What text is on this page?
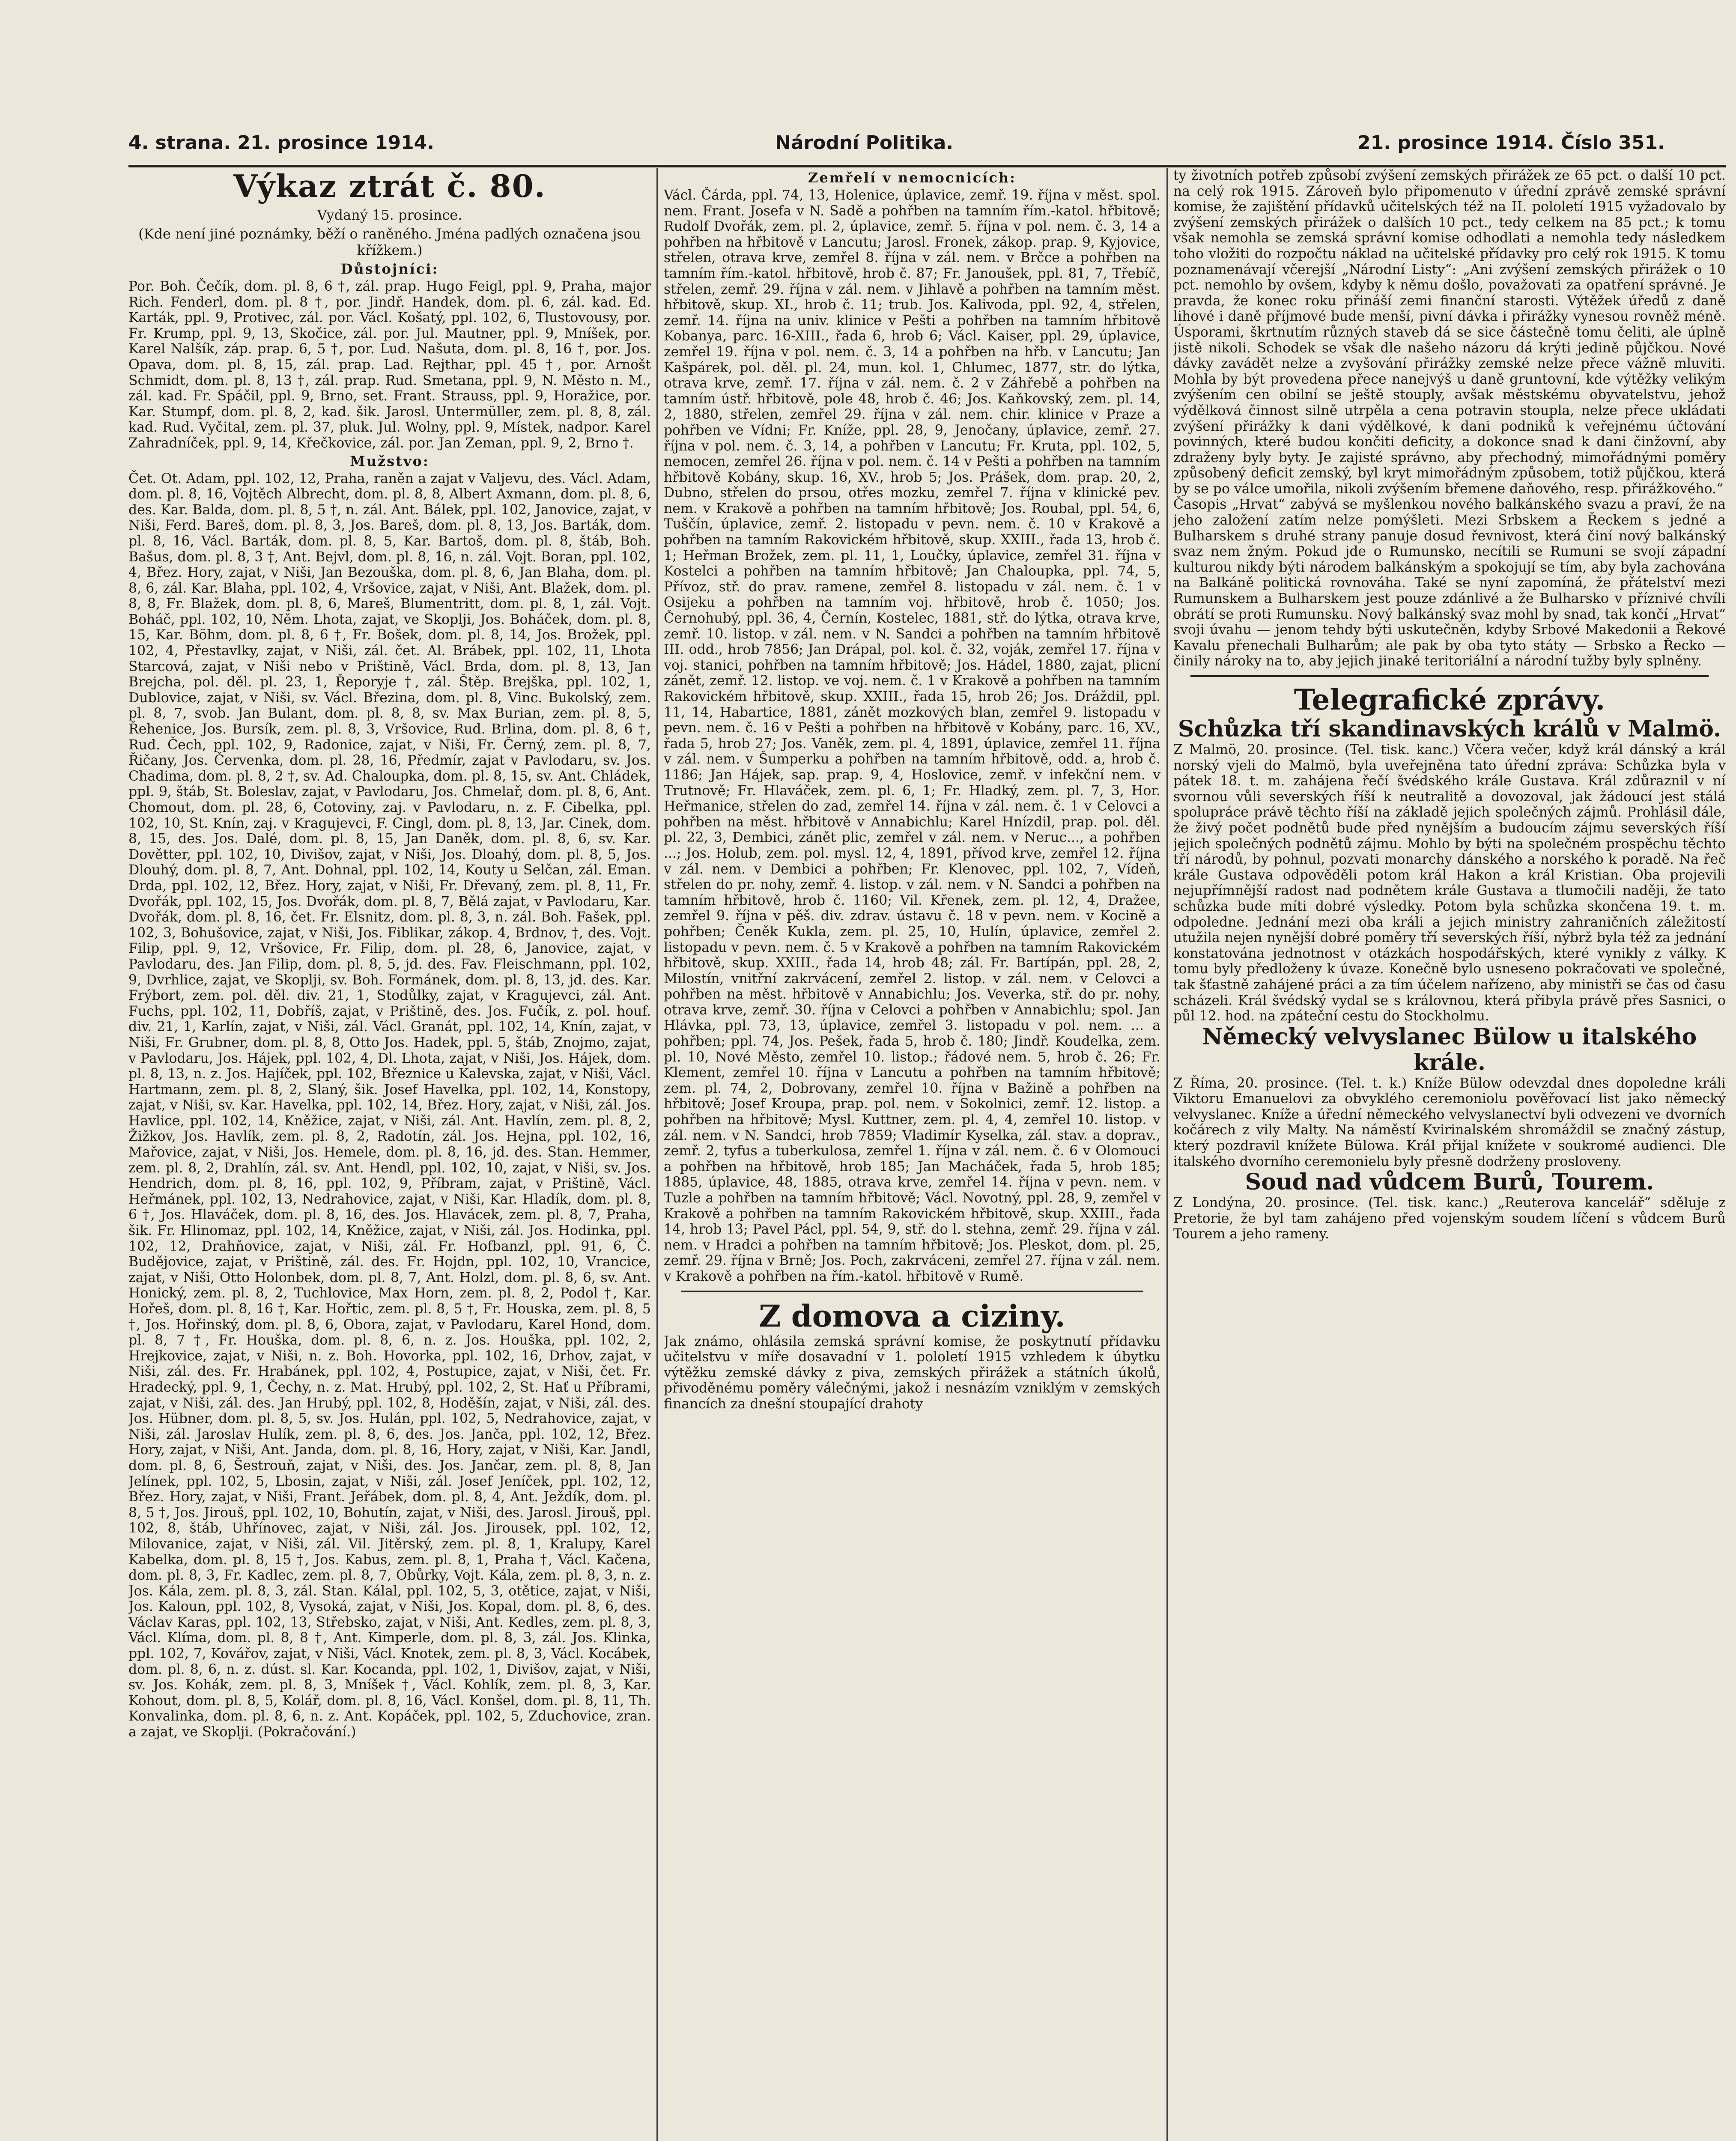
4. strana. 21. prosince 1914.	Národní Politika.	21. prosince 1914. Číslo 351.
Výkaz ztrát č. 80.

Vydaný 15. prosince.

(Kde není jiné poznámky, běží o raněného. Jména padlých označena jsou křížkem.)

Důstojníci:

Por. Boh. Čečík, dom. pl. 8, 6 †, zál. prap. Hugo Feigl, ppl. 9, Praha, major Rich. Fenderl, dom. pl. 8 †, por. Jindř. Handek, dom. pl. 6, zál. kad. Ed. Karták, ppl. 9, Protivec, zál. por. Václ. Košatý, ppl. 102, 6, Tlustovousy, por. Fr. Krump, ppl. 9, 13, Skočice, zál. por. Jul. Mautner, ppl. 9, Mníšek, por. Karel Nalšík, záp. prap. 6, 5 †, por. Lud. Našuta, dom. pl. 8, 16 †, por. Jos. Opava, dom. pl. 8, 15, zál. prap. Lad. Rejthar, ppl. 45 †, por. Arnošt Schmidt, dom. pl. 8, 13 †, zál. prap. Rud. Smetana, ppl. 9, N. Město n. M., zál. kad. Fr. Spáčil, ppl. 9, Brno, set. Frant. Strauss, ppl. 9, Horažice, por. Kar. Stumpf, dom. pl. 8, 2, kad. šik. Jarosl. Untermüller, zem. pl. 8, 8, zál. kad. Rud. Vyčital, zem. pl. 37, pluk. Jul. Wolny, ppl. 9, Místek, nadpor. Karel Zahradníček, ppl. 9, 14, Křečkovice, zál. por. Jan Zeman, ppl. 9, 2, Brno †.

Mužstvo:

Čet. Ot. Adam, ppl. 102, 12, Praha, raněn a zajat v Valjevu, des. Václ. Adam, dom. pl. 8, 16, Vojtěch Albrecht, dom. pl. 8, 8, Albert Axmann, dom. pl. 8, 6, des. Kar. Balda, dom. pl. 8, 5 †, n. zál. Ant. Bálek, ppl. 102, Janovice, zajat, v Niši, Ferd. Bareš, dom. pl. 8, 3, Jos. Bareš, dom. pl. 8, 13, Jos. Barták, dom. pl. 8, 16, Václ. Barták, dom. pl. 8, 5, Kar. Bartoš, dom. pl. 8, štáb, Boh. Bašus, dom. pl. 8, 3 †, Ant. Bejvl, dom. pl. 8, 16, n. zál. Vojt. Boran, ppl. 102, 4, Břez. Hory, zajat, v Niši, Jan Bezouška, dom. pl. 8, 6, Jan Blaha, dom. pl. 8, 6, zál. Kar. Blaha, ppl. 102, 4, Vršovice, zajat, v Niši, Ant. Blažek, dom. pl. 8, 8, Fr. Blažek, dom. pl. 8, 6, Mareš, Blumentritt, dom. pl. 8, 1, zál. Vojt. Boháč, ppl. 102, 10, Něm. Lhota, zajat, ve Skoplji, Jos. Boháček, dom. pl. 8, 15, Kar. Böhm, dom. pl. 8, 6 †, Fr. Bošek, dom. pl. 8, 14, Jos. Brožek, ppl. 102, 4, Přestavlky, zajat, v Niši, zál. čet. Al. Brábek, ppl. 102, 11, Lhota Starcová, zajat, v Niši nebo v Prištině, Václ. Brda, dom. pl. 8, 13, Jan Brejcha, pol. děl. pl. 23, 1, Řeporyje †, zál. Štěp. Brejška, ppl. 102, 1, Dublovice, zajat, v Niši, sv. Václ. Březina, dom. pl. 8, Vinc. Bukolský, zem. pl. 8, 7, svob. Jan Bulant, dom. pl. 8, 8, sv. Max Burian, zem. pl. 8, 5, Řehenice, Jos. Bursík, zem. pl. 8, 3, Vršovice, Rud. Brlina, dom. pl. 8, 6 †, Rud. Čech, ppl. 102, 9, Radonice, zajat, v Niši, Fr. Černý, zem. pl. 8, 7, Řičany, Jos. Červenka, dom. pl. 28, 16, Předmír, zajat v Pavlodaru, sv. Jos. Chadima, dom. pl. 8, 2 †, sv. Ad. Chaloupka, dom. pl. 8, 15, sv. Ant. Chládek, ppl. 9, štáb, St. Boleslav, zajat, v Pavlodaru, Jos. Chmelař, dom. pl. 8, 6, Ant. Chomout, dom. pl. 28, 6, Cotoviny, zaj. v Pavlodaru, n. z. F. Cibelka, ppl. 102, 10, St. Knín, zaj. v Kragujevci, F. Cingl, dom. pl. 8, 13, Jar. Cinek, dom. 8, 15, des. Jos. Dalé, dom. pl. 8, 15, Jan Daněk, dom. pl. 8, 6, sv. Kar. Dovětter, ppl. 102, 10, Divišov, zajat, v Niši, Jos. Dloahý, dom. pl. 8, 5, Jos. Dlouhý, dom. pl. 8, 7, Ant. Dohnal, ppl. 102, 14, Kouty u Selčan, zál. Eman. Drda, ppl. 102, 12, Břez. Hory, zajat, v Niši, Fr. Dřevaný, zem. pl. 8, 11, Fr. Dvořák, ppl. 102, 15, Jos. Dvořák, dom. pl. 8, 7, Bělá zajat, v Pavlodaru, Kar. Dvořák, dom. pl. 8, 16, čet. Fr. Elsnitz, dom. pl. 8, 3, n. zál. Boh. Fašek, ppl. 102, 3, Bohušovice, zajat, v Niši, Jos. Fiblikar, zákop. 4, Brdnov, †, des. Vojt. Filip, ppl. 9, 12, Vršovice, Fr. Filip, dom. pl. 28, 6, Janovice, zajat, v Pavlodaru, des. Jan Filip, dom. pl. 8, 5, jd. des. Fav. Fleischmann, ppl. 102, 9, Dvrhlice, zajat, ve Skoplji, sv. Boh. Formánek, dom. pl. 8, 13, jd. des. Kar. Frýbort, zem. pol. děl. div. 21, 1, Stodůlky, zajat, v Kragujevci, zál. Ant. Fuchs, ppl. 102, 11, Dobříš, zajat, v Prištině, des. Jos. Fučík, z. pol. houf. div. 21, 1, Karlín, zajat, v Niši, zál. Václ. Granát, ppl. 102, 14, Knín, zajat, v Niši, Fr. Grubner, dom. pl. 8, 8, Otto Jos. Hadek, ppl. 5, štáb, Znojmo, zajat, v Pavlodaru, Jos. Hájek, ppl. 102, 4, Dl. Lhota, zajat, v Niši, Jos. Hájek, dom. pl. 8, 13, n. z. Jos. Hajíček, ppl. 102, Březnice u Kalevska, zajat, v Niši, Václ. Hartmann, zem. pl. 8, 2, Slaný, šik. Josef Havelka, ppl. 102, 14, Konstopy, zajat, v Niši, sv. Kar. Havelka, ppl. 102, 14, Břez. Hory, zajat, v Niši, zál. Jos. Havlice, ppl. 102, 14, Kněžice, zajat, v Niši, zál. Ant. Havlín, zem. pl. 8, 2, Žižkov, Jos. Havlík, zem. pl. 8, 2, Radotín, zál. Jos. Hejna, ppl. 102, 16, Mařovice, zajat, v Niši, Jos. Hemele, dom. pl. 8, 16, jd. des. Stan. Hemmer, zem. pl. 8, 2, Drahlín, zál. sv. Ant. Hendl, ppl. 102, 10, zajat, v Niši, sv. Jos. Hendrich, dom. pl. 8, 16, ppl. 102, 9, Příbram, zajat, v Prištině, Václ. Heřmánek, ppl. 102, 13, Nedrahovice, zajat, v Niši, Kar. Hladík, dom. pl. 8, 6 †, Jos. Hlaváček, dom. pl. 8, 16, des. Jos. Hlavácek, zem. pl. 8, 7, Praha, šik. Fr. Hlinomaz, ppl. 102, 14, Kněžice, zajat, v Niši, zál. Jos. Hodinka, ppl. 102, 12, Drahňovice, zajat, v Niši, zál. Fr. Hofbanzl, ppl. 91, 6, Č. Budějovice, zajat, v Prištině, zál. des. Fr. Hojdn, ppl. 102, 10, Vrancice, zajat, v Niši, Otto Holonbek, dom. pl. 8, 7, Ant. Holzl, dom. pl. 8, 6, sv. Ant. Honický, zem. pl. 8, 2, Tuchlovice, Max Horn, zem. pl. 8, 2, Podol †, Kar. Hořeš, dom. pl. 8, 16 †, Kar. Hořtic, zem. pl. 8, 5 †, Fr. Houska, zem. pl. 8, 5 †, Jos. Hořinský, dom. pl. 8, 6, Obora, zajat, v Pavlodaru, Karel Hond, dom. pl. 8, 7 †, Fr. Houška, dom. pl. 8, 6, n. z. Jos. Houška, ppl. 102, 2, Hrejkovice, zajat, v Niši, n. z. Boh. Hovorka, ppl. 102, 16, Drhov, zajat, v Niši, zál. des. Fr. Hrabánek, ppl. 102, 4, Postupice, zajat, v Niši, čet. Fr. Hradecký, ppl. 9, 1, Čechy, n. z. Mat. Hrubý, ppl. 102, 2, St. Hať u Příbrami, zajat, v Niši, zál. des. Jan Hrubý, ppl. 102, 8, Hoděšín, zajat, v Niši, zál. des. Jos. Hübner, dom. pl. 8, 5, sv. Jos. Hulán, ppl. 102, 5, Nedrahovice, zajat, v Niši, zál. Jaroslav Hulík, zem. pl. 8, 6, des. Jos. Janča, ppl. 102, 12, Břez. Hory, zajat, v Niši, Ant. Janda, dom. pl. 8, 16, Hory, zajat, v Niši, Kar. Jandl, dom. pl. 8, 6, Šestrouň, zajat, v Niši, des. Jos. Jančar, zem. pl. 8, 8, Jan Jelínek, ppl. 102, 5, Lbosin, zajat, v Niši, zál. Josef Jeníček, ppl. 102, 12, Břez. Hory, zajat, v Niši, Frant. Jeřábek, dom. pl. 8, 4, Ant. Ježdík, dom. pl. 8, 5 †, Jos. Jirouš, ppl. 102, 10, Bohutín, zajat, v Niši, des. Jarosl. Jirouš, ppl. 102, 8, štáb, Uhřínovec, zajat, v Niši, zál. Jos. Jirousek, ppl. 102, 12, Milovanice, zajat, v Niši, zál. Vil. Jitěrský, zem. pl. 8, 1, Kralupy, Karel Kabelka, dom. pl. 8, 15 †, Jos. Kabus, zem. pl. 8, 1, Praha †, Václ. Kačena, dom. pl. 8, 3, Fr. Kadlec, zem. pl. 8, 7, Obůrky, Vojt. Kála, zem. pl. 8, 3, n. z. Jos. Kála, zem. pl. 8, 3, zál. Stan. Kálal, ppl. 102, 5, 3, otětice, zajat, v Niši, Jos. Kaloun, ppl. 102, 8, Vysoká, zajat, v Niši, Jos. Kopal, dom. pl. 8, 6, des. Václav Karas, ppl. 102, 13, Střebsko, zajat, v Niši, Ant. Kedles, zem. pl. 8, 3, Václ. Klíma, dom. pl. 8, 8 †, Ant. Kimperle, dom. pl. 8, 3, zál. Jos. Klinka, ppl. 102, 7, Kovářov, zajat, v Niši, Václ. Knotek, zem. pl. 8, 3, Václ. Kocábek, dom. pl. 8, 6, n. z. dúst. sl. Kar. Kocanda, ppl. 102, 1, Divišov, zajat, v Niši, sv. Jos. Kohák, zem. pl. 8, 3, Mníšek †, Václ. Kohlík, zem. pl. 8, 3, Kar. Kohout, dom. pl. 8, 5, Kolář, dom. pl. 8, 16, Václ. Konšel, dom. pl. 8, 11, Th. Konvalinka, dom. pl. 8, 6, n. z. Ant. Kopáček, ppl. 102, 5, Zduchovice, zran. a zajat, ve Skoplji. (Pokračování.)

Zemřelí v nemocnicích:

Václ. Čárda, ppl. 74, 13, Holenice, úplavice, zemř. 19. října v měst. spol. nem. Frant. Josefa v N. Sadě a pohřben na tamním řím.-katol. hřbitově; Rudolf Dvořák, zem. pl. 2, úplavice, zemř. 5. října v pol. nem. č. 3, 14 a pohřben na hřbitově v Lancutu; Jarosl. Fronek, zákop. prap. 9, Kyjovice, střelen, otrava krve, zemřel 8. října v zál. nem. v Brčce a pohřben na tamním řím.-katol. hřbitově, hrob č. 87; Fr. Janoušek, ppl. 81, 7, Třebíč, střelen, zemř. 29. října v zál. nem. v Jihlavě a pohřben na tamním měst. hřbitově, skup. XI., hrob č. 11; trub. Jos. Kalivoda, ppl. 92, 4, střelen, zemř. 14. října na univ. klinice v Pešti a pohřben na tamním hřbitově Kobanya, parc. 16-XIII., řada 6, hrob 6; Václ. Kaiser, ppl. 29, úplavice, zemřel 19. října v pol. nem. č. 3, 14 a pohřben na hřb. v Lancutu; Jan Kašpárek, pol. děl. pl. 24, mun. kol. 1, Chlumec, 1877, str. do lýtka, otrava krve, zemř. 17. října v zál. nem. č. 2 v Záhřebě a pohřben na tamním ústř. hřbitově, pole 48, hrob č. 46; Jos. Kaňkovský, zem. pl. 14, 2, 1880, střelen, zemřel 29. října v zál. nem. chir. klinice v Praze a pohřben ve Vídni; Fr. Kníže, ppl. 28, 9, Jenočany, úplavice, zemř. 27. října v pol. nem. č. 3, 14, a pohřben v Lancutu; Fr. Kruta, ppl. 102, 5, nemocen, zemřel 26. října v pol. nem. č. 14 v Pešti a pohřben na tamním hřbitově Kobány, skup. 16, XV., hrob 5; Jos. Prášek, dom. prap. 20, 2, Dubno, střelen do prsou, otřes mozku, zemřel 7. října v klinické pev. nem. v Krakově a pohřben na tamním hřbitově; Jos. Roubal, ppl. 54, 6, Tuščín, úplavice, zemř. 2. listopadu v pevn. nem. č. 10 v Krakově a pohřben na tamním Rakovickém hřbitově, skup. XXIII., řada 13, hrob č. 1; Heřman Brožek, zem. pl. 11, 1, Loučky, úplavice, zemřel 31. října v Kostelci a pohřben na tamním hřbitově; Jan Chaloupka, ppl. 74, 5, Přívoz, stř. do prav. ramene, zemřel 8. listopadu v zál. nem. č. 1 v Osijeku a pohřben na tamním voj. hřbitově, hrob č. 1050; Jos. Černohubý, ppl. 36, 4, Černín, Kostelec, 1881, stř. do lýtka, otrava krve, zemř. 10. listop. v zál. nem. v N. Sandci a pohřben na tamním hřbitově III. odd., hrob 7856; Jan Drápal, pol. kol. č. 32, voják, zemřel 17. října v voj. stanici, pohřben na tamním hřbitově; Jos. Hádel, 1880, zajat, plicní zánět, zemř. 12. listop. ve voj. nem. č. 1 v Krakově a pohřben na tamním Rakovickém hřbitově, skup. XXIII., řada 15, hrob 26; Jos. Dráždil, ppl. 11, 14, Habartice, 1881, zánět mozkových blan, zemřel 9. listopadu v pevn. nem. č. 16 v Pešti a pohřben na hřbitově v Kobány, parc. 16, XV., řada 5, hrob 27; Jos. Vaněk, zem. pl. 4, 1891, úplavice, zemřel 11. října v zál. nem. v Šumperku a pohřben na tamním hřbitově, odd. a, hrob č. 1186; Jan Hájek, sap. prap. 9, 4, Hoslovice, zemř. v infekční nem. v Trutnově; Fr. Hlaváček, zem. pl. 6, 1; Fr. Hladký, zem. pl. 7, 3, Hor. Heřmanice, střelen do zad, zemřel 14. října v zál. nem. č. 1 v Celovci a pohřben na měst. hřbitově v Annabichlu; Karel Hnízdil, prap. pol. děl. pl. 22, 3, Dembici, zánět plic, zemřel v zál. nem. v Neruc..., a pohřben ...; Jos. Holub, zem. pol. mysl. 12, 4, 1891, přívod krve, zemřel 12. října v zál. nem. v Dembici a pohřben; Fr. Klenovec, ppl. 102, 7, Vídeň, střelen do pr. nohy, zemř. 4. listop. v zál. nem. v N. Sandci a pohřben na tamním hřbitově, hrob č. 1160; Vil. Křenek, zem. pl. 12, 4, Dražee, zemřel 9. října v pěš. div. zdrav. ústavu č. 18 v pevn. nem. v Kocině a pohřben; Čeněk Kukla, zem. pl. 25, 10, Hulín, úplavice, zemřel 2. listopadu v pevn. nem. č. 5 v Krakově a pohřben na tamním Rakovickém hřbitově, skup. XXIII., řada 14, hrob 48; zál. Fr. Bartípán, ppl. 28, 2, Milostín, vnitřní zakrvácení, zemřel 2. listop. v zál. nem. v Celovci a pohřben na měst. hřbitově v Annabichlu; Jos. Veverka, stř. do pr. nohy, otrava krve, zemř. 30. října v Celovci a pohřben v Annabichlu; spol. Jan Hlávka, ppl. 73, 13, úplavice, zemřel 3. listopadu v pol. nem. ... a pohřben; ppl. 74, Jos. Pešek, řada 5, hrob č. 180; Jindř. Koudelka, zem. pl. 10, Nové Město, zemřel 10. listop.; řádové nem. 5, hrob č. 26; Fr. Klement, zemřel 10. října v Lancutu a pohřben na tamním hřbitově; zem. pl. 74, 2, Dobrovany, zemřel 10. října v Bažině a pohřben na hřbitově; Josef Kroupa, prap. pol. nem. v Sokolnici, zemř. 12. listop. a pohřben na hřbitově; Mysl. Kuttner, zem. pl. 4, 4, zemřel 10. listop. v zál. nem. v N. Sandci, hrob 7859; Vladimír Kyselka, zál. stav. a doprav., zemř. 2, tyfus a tuberkulosa, zemřel 1. října v zál. nem. č. 6 v Olomouci a pohřben na hřbitově, hrob 185; Jan Macháček, řada 5, hrob 185; 1885, úplavice, 48, 1885, otrava krve, zemřel 14. října v pevn. nem. v Tuzle a pohřben na tamním hřbitově; Václ. Novotný, ppl. 28, 9, zemřel v Krakově a pohřben na tamním Rakovickém hřbitově, skup. XXIII., řada 14, hrob 13; Pavel Pácl, ppl. 54, 9, stř. do l. stehna, zemř. 29. října v zál. nem. v Hradci a pohřben na tamním hřbitově; Jos. Pleskot, dom. pl. 25, zemř. 29. října v Brně; Jos. Poch, zakrváceni, zemřel 27. října v zál. nem. v Krakově a pohřben na řím.-katol. hřbitově v Rumě.

Z domova a ciziny.

Jak známo, ohlásila zemská správní komise, že poskytnutí přídavku učitelstvu v míře dosavadní v 1. pololetí 1915 vzhledem k úbytku výtěžku zemské dávky z piva, zemských přirážek a státních úkolů, přivoděnému poměry válečnými, jakož i nesnázím vzniklým v zemských financích za dnešní stoupající drahoty

ty životních potřeb způsobí zvýšení zemských přirážek ze 65 pct. o další 10 pct. na celý rok 1915. Zároveň bylo připomenuto v úřední zprávě zemské správní komise, že zajištění přídavků učitelských též na II. pololetí 1915 vyžadovalo by zvýšení zemských přirážek o dalších 10 pct., tedy celkem na 85 pct.; k tomu však nemohla se zemská správní komise odhodlati a nemohla tedy následkem toho vložiti do rozpočtu náklad na učitelské přídavky pro celý rok 1915. K tomu poznamenávají včerejší „Národní Listy“: „Ani zvýšení zemských přirážek o 10 pct. nemohlo by ovšem, kdyby k němu došlo, považovati za opatření správné. Je pravda, že konec roku přináší zemi finanční starosti. Výtěžek úředů z daně lihové i daně příjmové bude menší, pivní dávka i přirážky vynesou rovněž méně. Úsporami, škrtnutím různých staveb dá se sice částečně tomu čeliti, ale úplně jistě nikoli. Schodek se však dle našeho názoru dá krýti jedině půjčkou. Nové dávky zavádět nelze a zvyšování přirážky zemské nelze přece vážně mluviti. Mohla by být provedena přece nanejvýš u daně gruntovní, kde výtěžky velikým zvýšením cen obilní se ještě stouply, avšak městskému obyvatelstvu, jehož výdělková činnost silně utrpěla a cena potravin stoupla, nelze přece ukládati zvýšení přirážky k dani výdělkové, k dani podniků k veřejnému účtování povinných, které budou končiti deficity, a dokonce snad k dani činžovní, aby zdraženy byly byty. Je zajisté správno, aby přechodný, mimořádnými poměry způsobený deficit zemský, byl kryt mimořádným způsobem, totiž půjčkou, která by se po válce umořila, nikoli zvýšením břemene daňového, resp. přirážkového.“

Časopis „Hrvat“ zabývá se myšlenkou nového balkánského svazu a praví, že na jeho založení zatím nelze pomýšleti. Mezi Srbskem a Řeckem s jedné a Bulharskem s druhé strany panuje dosud řevnivost, která činí nový balkánský svaz nem žným. Pokud jde o Rumunsko, necítili se Rumuni se svojí západní kulturou nikdy býti národem balkánským a spokojují se tím, aby byla zachována na Balkáně politická rovnováha. Také se nyní zapomíná, že přátelství mezi Rumunskem a Bulharskem jest pouze zdánlivé a že Bulharsko v příznivé chvíli obrátí se proti Rumunsku. Nový balkánský svaz mohl by snad, tak končí „Hrvat“ svoji úvahu — jenom tehdy býti uskutečněn, kdyby Srbové Makedonii a Řekové Kavalu přenechali Bulharům; ale pak by oba tyto státy — Srbsko a Řecko — činily nároky na to, aby jejich jinaké teritoriální a národní tužby byly splněny.

Telegrafické zprávy.
Schůzka tří skandinavských králů v Malmö.

Z Malmö, 20. prosince. (Tel. tisk. kanc.) Včera večer, když král dánský a král norský vjeli do Malmö, byla uveřejněna tato úřední zpráva: Schůzka byla v pátek 18. t. m. zahájena řečí švédského krále Gustava. Král zdůraznil v ní svornou vůli severských říší k neutralitě a dovozoval, jak žádoucí jest stálá spolupráce právě těchto říší na základě jejich společných zájmů. Prohlásil dále, že živý počet podnětů bude před nynějším a budoucím zájmu severských říší jejich společných podnětů zájmu. Mohlo by býti na společném prospěchu těchto tří národů, by pohnul, pozvati monarchy dánského a norského k poradě. Na řeč krále Gustava odpověděli potom král Hakon a král Kristian. Oba projevili nejupřímnější radost nad podnětem krále Gustava a tlumočili naději, že tato schůzka bude míti dobré výsledky. Potom byla schůzka skončena 19. t. m. odpoledne. Jednání mezi oba králi a jejich ministry zahraničních záležitostí utužila nejen nynější dobré poměry tří severských říší, nýbrž byla též za jednání konstatována jednotnost v otázkách hospodářských, které vynikly z války. K tomu byly předloženy k úvaze. Konečně bylo usneseno pokračovati ve společné, tak šťastně zahájené práci a za tím účelem nařízeno, aby ministři se čas od času scházeli. Král švédský vydal se s královnou, která přibyla právě přes Sasnici, o půl 12. hod. na zpáteční cestu do Stockholmu.

Německý velvyslanec Bülow u italského krále.

Z Říma, 20. prosince. (Tel. t. k.) Kníže Bülow odevzdal dnes dopoledne králi Viktoru Emanuelovi za obvyklého ceremoniolu pověřovací list jako německý velvyslanec. Kníže a úřední německého velvyslanectví byli odvezeni ve dvorních kočárech z vily Malty. Na náměstí Kvirinalském shromáždil se značný zástup, který pozdravil knížete Bülowa. Král přijal knížete v soukromé audienci. Dle italského dvorního ceremonielu byly přesně dodrženy prosloveny.

Soud nad vůdcem Burů, Tourem.

Z Londýna, 20. prosince. (Tel. tisk. kanc.) „Reuterova kancelář“ sděluje z Pretorie, že byl tam zahájeno před vojenským soudem líčení s vůdcem Burů Tourem a jeho rameny.
